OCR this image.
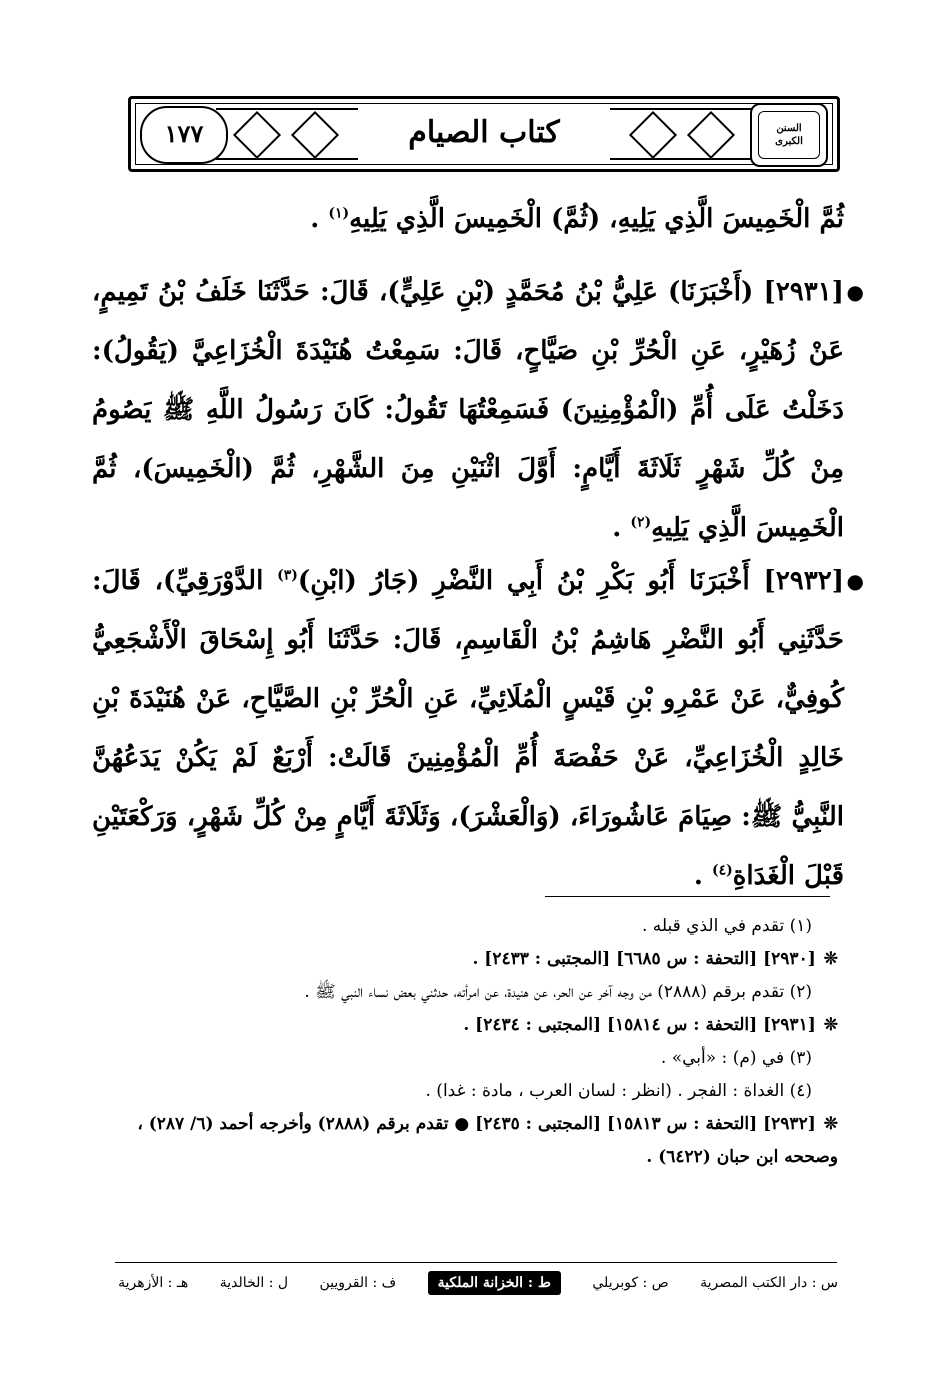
١٧٧	كتاب الصيام	السنن
الكبرى
ثُمَّ الْخَمِيسَ الَّذِي يَلِيهِ، (ثُمَّ) الْخَمِيسَ الَّذِي يَلِيهِ$^{(١)}$ .
●
[٢٩٣١] (أَخْبَرَنَا) عَلِيُّ بْنُ مُحَمَّدٍ (بْنِ عَلِيٍّ)، قَالَ: حَدَّثَنَا خَلَفُ بْنُ تَمِيمٍ، عَنْ زُهَيْرٍ، عَنِ الْحُرِّ بْنِ صَيَّاحٍ، قَالَ: سَمِعْتُ هُنَيْدَةَ الْخُزَاعِيَّ (يَقُولُ): دَخَلْتُ عَلَى أُمِّ (الْمُؤْمِنِينَ) فَسَمِعْتُهَا تَقُولُ: كَانَ رَسُولُ اللَّهِ ﷺ يَصُومُ مِنْ كُلِّ شَهْرٍ ثَلَاثَةَ أَيَّامٍ: أَوَّلَ اثْنَيْنِ مِنَ الشَّهْرِ، ثُمَّ (الْخَمِيسَ)، ثُمَّ الْخَمِيسَ الَّذِي يَلِيهِ$^{(٢)}$ .
●
[٢٩٣٢] أَخْبَرَنَا أَبُو بَكْرِ بْنُ أَبِي النَّضْرِ (جَارُ (ابْنِ)$^{(٣)}$ الدَّوْرَقِيِّ)، قَالَ: حَدَّثَنِي أَبُو النَّضْرِ هَاشِمُ بْنُ الْقَاسِمِ، قَالَ: حَدَّثَنَا أَبُو إِسْحَاقَ الْأَشْجَعِيُّ كُوفِيٌّ، عَنْ عَمْرِو بْنِ قَيْسٍ الْمُلَائِيِّ، عَنِ الْحُرِّ بْنِ الصَّيَّاحِ، عَنْ هُنَيْدَةَ بْنِ خَالِدٍ الْخُزَاعِيِّ، عَنْ حَفْصَةَ أُمِّ الْمُؤْمِنِينَ قَالَتْ: أَرْبَعٌ لَمْ يَكُنْ يَدَعُهُنَّ النَّبِيُّ ﷺ: صِيَامَ عَاشُورَاءَ، (وَالْعَشْرَ)، وَثَلَاثَةَ أَيَّامٍ مِنْ كُلِّ شَهْرٍ، وَرَكْعَتَيْنِ قَبْلَ الْغَدَاةِ$^{(٤)}$ .

(١) تقدم في الذي قبله .

❊[٢٩٣٠] [التحفة : س ٦٦٨٥] [المجتبى : ٢٤٣٣] .

(٢) تقدم برقم (٢٨٨٨) من وجه آخر عن الحر، عن هنيدة، عن امرأته، حدثني بعض نساء النبي ﷺ .

❊[٢٩٣١] [التحفة : س ١٥٨١٤] [المجتبى : ٢٤٣٤] .

(٣) في (م) : «أبي» .

(٤) الغداة : الفجر . (انظر : لسان العرب ، مادة : غدا) .

❊[٢٩٣٢] [التحفة : س ١٥٨١٣] [المجتبى : ٢٤٣٥] ● تقدم برقم (٢٨٨٨) وأخرجه أحمد (٦/ ٢٨٧) ، وصححه ابن حبان (٦٤٢٢) .

س : دار الكتب المصرية
ص : كوبريلي
ط : الخزانة الملكية
ف : القرويين
ل : الخالدية
هـ : الأزهرية
